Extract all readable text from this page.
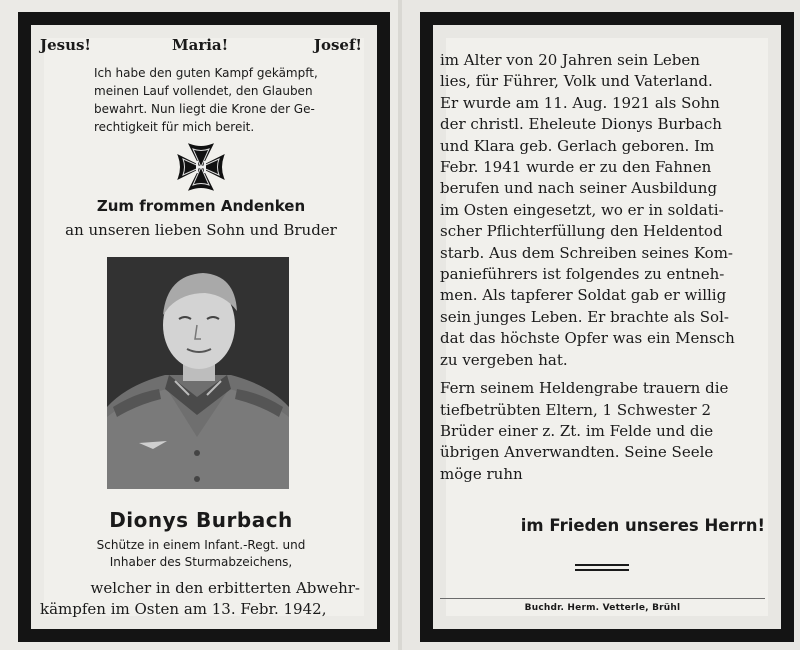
Jesus!	Maria!	Josef!
Ich habe den guten Kampf gekämpft,
meinen Lauf vollendet, den Glauben
bewahrt. Nun liegt die Krone der Ge-
rechtigkeit für mich bereit.
Zum frommen Andenken
an unseren lieben Sohn und Bruder
Dionys Burbach
Schütze in einem Infant.-Regt. und
Inhaber des Sturmabzeichens,
welcher in den erbitterten Abwehr-
kämpfen im Osten am 13. Febr. 1942,
im Alter von 20 Jahren sein Leben
lies, für Führer, Volk und Vaterland.
Er wurde am 11. Aug. 1921 als Sohn
der christl. Eheleute Dionys Burbach
und Klara geb. Gerlach geboren. Im
Febr. 1941 wurde er zu den Fahnen
berufen und nach seiner Ausbildung
im Osten eingesetzt, wo er in soldati-
scher Pflichterfüllung den Heldentod
starb. Aus dem Schreiben seines Kom-
panieführers ist folgendes zu entneh-
men. Als tapferer Soldat gab er willig
sein junges Leben. Er brachte als Sol-
dat das höchste Opfer was ein Mensch
zu vergeben hat.
Fern seinem Heldengrabe trauern die
tiefbetrübten Eltern, 1 Schwester 2
Brüder einer z. Zt. im Felde und die
übrigen Anverwandten. Seine Seele
möge ruhn
im Frieden unseres Herrn!
Buchdr. Herm. Vetterle, Brühl
